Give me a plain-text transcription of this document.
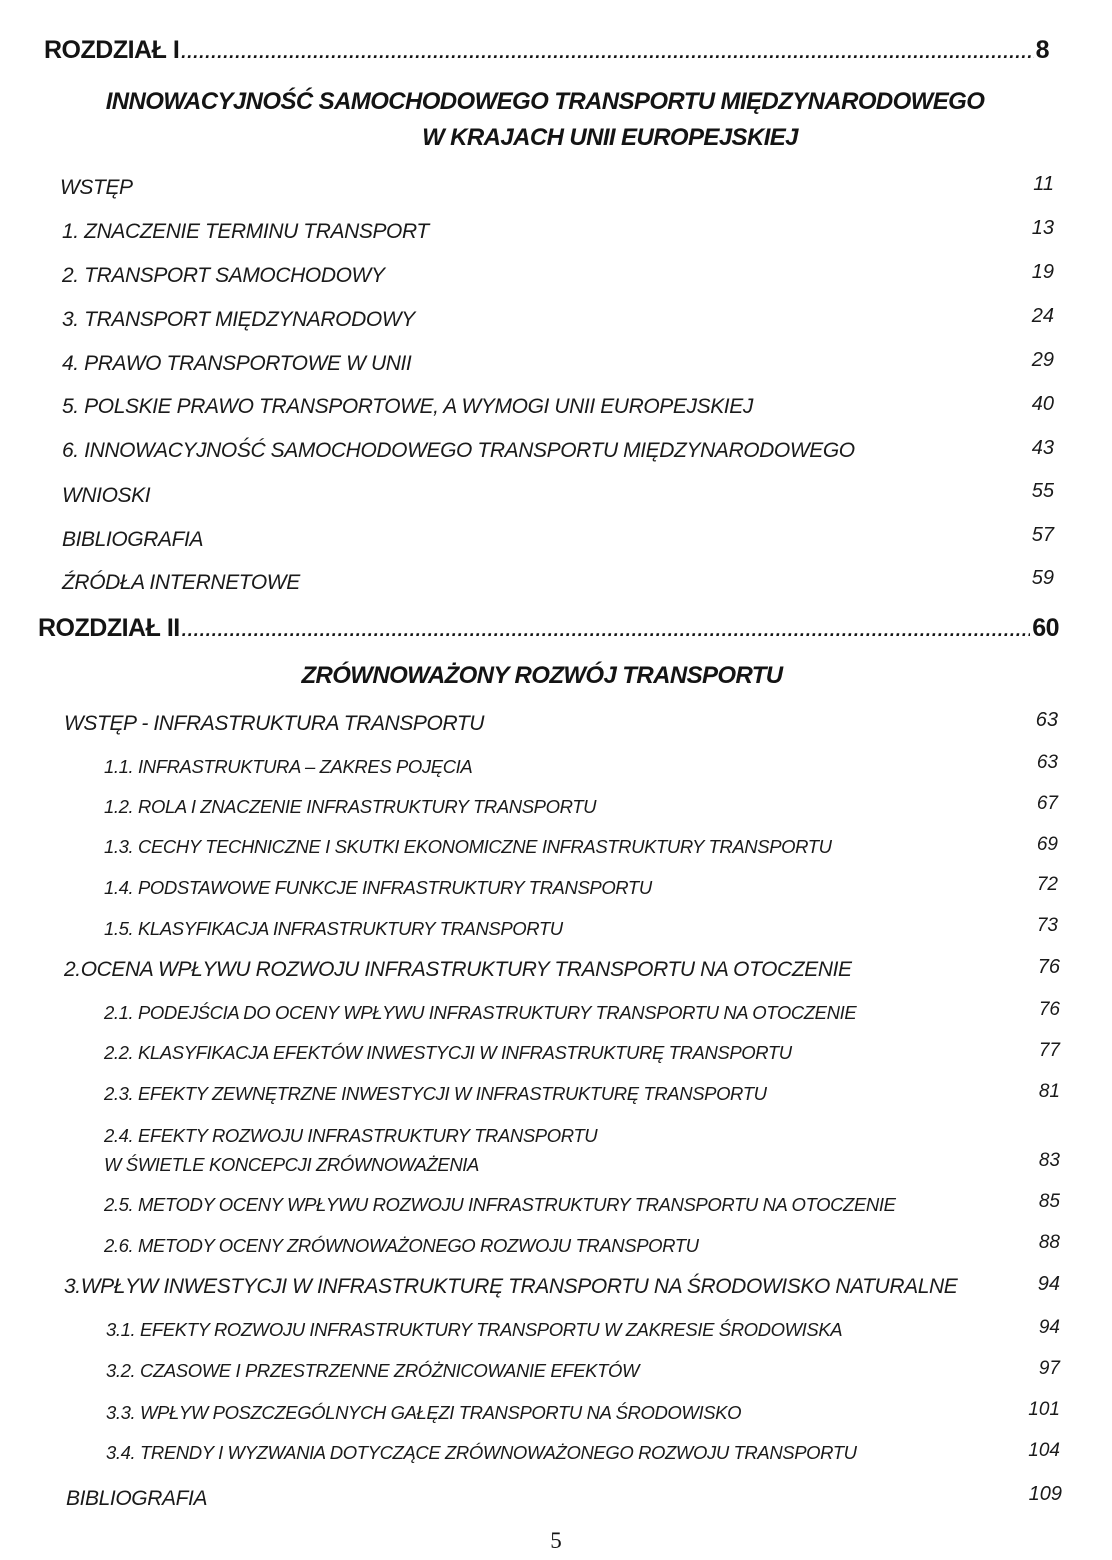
ROZDZIAŁ I .....	8
INNOWACYJNOŚĆ SAMOCHODOWEGO TRANSPORTU MIĘDZYNARODOWEGO
W KRAJACH UNII EUROPEJSKIEJ
WSTĘP	11
1. ZNACZENIE TERMINU TRANSPORT	13
2. TRANSPORT SAMOCHODOWY	19
3. TRANSPORT MIĘDZYNARODOWY	24
4. PRAWO TRANSPORTOWE W UNII	29
5. POLSKIE PRAWO TRANSPORTOWE, A WYMOGI UNII EUROPEJSKIEJ	40
6. INNOWACYJNOŚĆ SAMOCHODOWEGO TRANSPORTU MIĘDZYNARODOWEGO	43
WNIOSKI	55
BIBLIOGRAFIA	57
ŹRÓDŁA INTERNETOWE	59
ROZDZIAŁ II .....	60
ZRÓWNOWAŻONY ROZWÓJ TRANSPORTU
WSTĘP - INFRASTRUKTURA TRANSPORTU	63
1.1. INFRASTRUKTURA – ZAKRES POJĘCIA	63
1.2. ROLA I ZNACZENIE INFRASTRUKTURY TRANSPORTU	67
1.3. CECHY TECHNICZNE I SKUTKI EKONOMICZNE INFRASTRUKTURY TRANSPORTU	69
1.4. PODSTAWOWE FUNKCJE INFRASTRUKTURY TRANSPORTU	72
1.5. KLASYFIKACJA INFRASTRUKTURY TRANSPORTU	73
2.OCENA WPŁYWU ROZWOJU INFRASTRUKTURY TRANSPORTU NA OTOCZENIE	76
2.1. PODEJŚCIA DO OCENY WPŁYWU INFRASTRUKTURY TRANSPORTU NA OTOCZENIE	76
2.2. KLASYFIKACJA EFEKTÓW INWESTYCJI W INFRASTRUKTURĘ TRANSPORTU	77
2.3. EFEKTY ZEWNĘTRZNE INWESTYCJI W INFRASTRUKTURĘ TRANSPORTU	81
2.4. EFEKTY ROZWOJU INFRASTRUKTURY TRANSPORTU
W ŚWIETLE KONCEPCJI ZRÓWNOWAŻENIA	83
2.5. METODY OCENY WPŁYWU ROZWOJU INFRASTRUKTURY TRANSPORTU NA OTOCZENIE	85
2.6. METODY OCENY ZRÓWNOWAŻONEGO ROZWOJU TRANSPORTU	88
3.WPŁYW INWESTYCJI W INFRASTRUKTURĘ TRANSPORTU NA ŚRODOWISKO NATURALNE	94
3.1. EFEKTY ROZWOJU INFRASTRUKTURY TRANSPORTU W ZAKRESIE ŚRODOWISKA	94
3.2. CZASOWE I PRZESTRZENNE ZRÓŻNICOWANIE EFEKTÓW	97
3.3. WPŁYW POSZCZEGÓLNYCH GAŁĘZI TRANSPORTU NA ŚRODOWISKO	101
3.4. TRENDY I WYZWANIA DOTYCZĄCE ZRÓWNOWAŻONEGO ROZWOJU TRANSPORTU	104
BIBLIOGRAFIA	109
5
